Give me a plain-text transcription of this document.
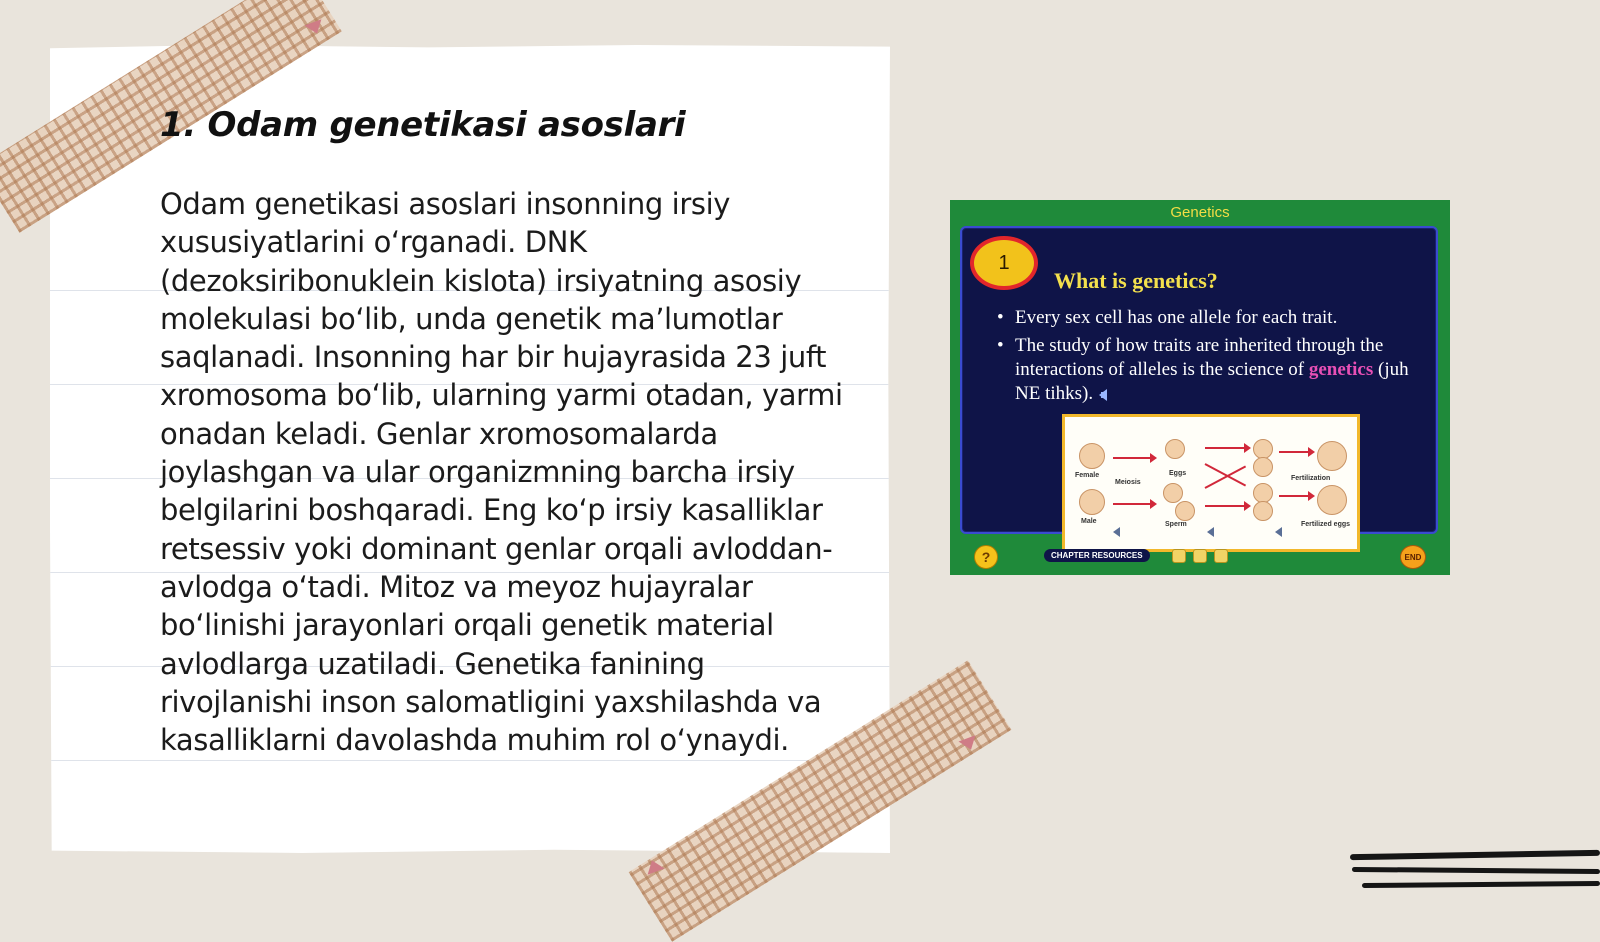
1. Odam genetikasi asoslari

Odam genetikasi asoslari insonning irsiy xususiyatlarini o‘rganadi. DNK (dezoksiribonuklein kislota) irsiyatning asosiy molekulasi bo‘lib, unda genetik ma’lumotlar saqlanadi. Insonning har bir hujayrasida 23 juft xromosoma bo‘lib, ularning yarmi otadan, yarmi onadan keladi. Genlar xromosomalarda joylashgan va ular organizmning barcha irsiy belgilarini boshqaradi. Eng ko‘p irsiy kasalliklar retsessiv yoki dominant genlar orqali avloddan-avlodga o‘tadi. Mitoz va meyoz hujayralar bo‘linishi jarayonlari orqali genetik material avlodlarga uzatiladi. Genetika fanining rivojlanishi inson salomatligini yaxshilashda va kasalliklarni davolashda muhim rol o‘ynaydi.

Genetics
1
What is genetics?
• Every sex cell has one allele for each trait.
• The study of how traits are inherited through the interactions of alleles is the science of genetics (juh NE tihks).
Female
Male
Meiosis
Eggs
Sperm
Fertilization
Fertilized eggs
?	CHAPTER RESOURCES	END
